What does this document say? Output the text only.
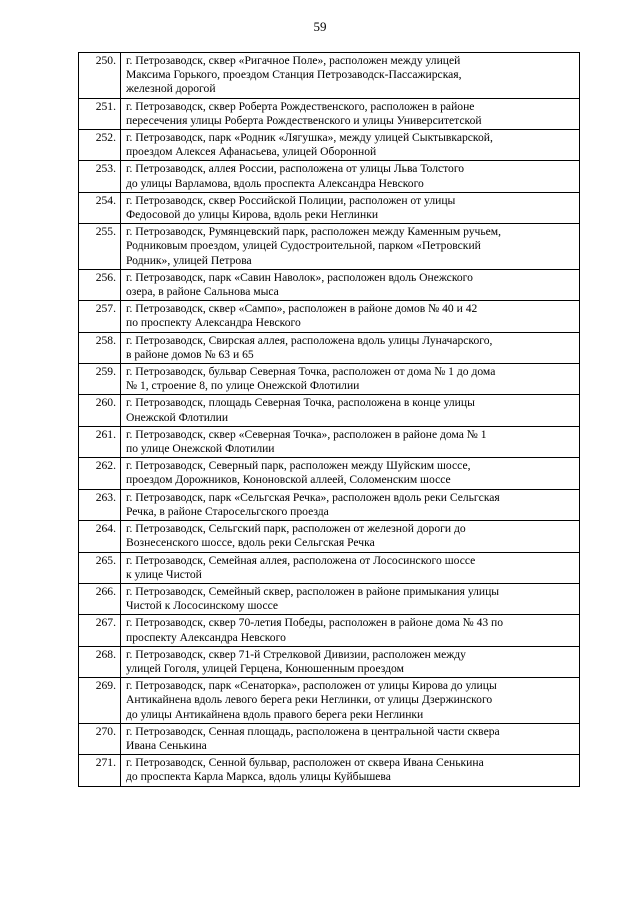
59
250.	г. Петрозаводск, сквер «Ригачное Поле», расположен между улицей
Максима Горького, проездом Станция Петрозаводск-Пассажирская,
железной дорогой

251.	г. Петрозаводск, сквер Роберта Рождественского, расположен в районе
пересечения улицы Роберта Рождественского и улицы Университетской

252.	г. Петрозаводск, парк «Родник «Лягушка», между улицей Сыктывкарской,
проездом Алексея Афанасьева, улицей Оборонной

253.	г. Петрозаводск, аллея России, расположена от улицы Льва Толстого
до улицы Варламова, вдоль проспекта Александра Невского

254.	г. Петрозаводск, сквер Российской Полиции, расположен от улицы
Федосовой до улицы Кирова, вдоль реки Неглинки

255.	г. Петрозаводск, Румянцевский парк, расположен между Каменным ручьем,
Родниковым проездом, улицей Судостроительной, парком «Петровский
Родник», улицей Петрова

256.	г. Петрозаводск, парк «Савин Наволок», расположен вдоль Онежского
озера, в районе Сальнова мыса

257.	г. Петрозаводск, сквер «Сампо», расположен в районе домов № 40 и 42
по проспекту Александра Невского

258.	г. Петрозаводск, Свирская аллея, расположена вдоль улицы Луначарского,
в районе домов № 63 и 65

259.	г. Петрозаводск, бульвар Северная Точка, расположен от дома № 1 до дома
№ 1, строение 8, по улице Онежской Флотилии

260.	г. Петрозаводск, площадь Северная Точка, расположена в конце улицы
Онежской Флотилии

261.	г. Петрозаводск, сквер «Северная Точка», расположен в районе дома № 1
по улице Онежской Флотилии

262.	г. Петрозаводск, Северный парк, расположен между Шуйским шоссе,
проездом Дорожников, Кононовской аллеей, Соломенским шоссе

263.	г. Петрозаводск, парк «Сельгская Речка», расположен вдоль реки Сельгская
Речка, в районе Старосельгского проезда

264.	г. Петрозаводск, Сельгский парк, расположен от железной дороги до
Вознесенского шоссе, вдоль реки Сельгская Речка

265.	г. Петрозаводск, Семейная аллея, расположена от Лососинского шоссе
к улице Чистой

266.	г. Петрозаводск, Семейный сквер, расположен в районе примыкания улицы
Чистой к Лососинскому шоссе

267.	г. Петрозаводск, сквер 70-летия Победы, расположен в районе дома № 43 по
проспекту Александра Невского

268.	г. Петрозаводск, сквер 71-й Стрелковой Дивизии, расположен между
улицей Гоголя, улицей Герцена, Конюшенным проездом

269.	г. Петрозаводск, парк «Сенаторка», расположен от улицы Кирова до улицы
Антикайнена вдоль левого берега реки Неглинки, от улицы Дзержинского
до улицы Антикайнена вдоль правого берега реки Неглинки

270.	г. Петрозаводск, Сенная площадь, расположена в центральной части сквера
Ивана Сенькина

271.	г. Петрозаводск, Сенной бульвар, расположен от сквера Ивана Сенькина
до проспекта Карла Маркса, вдоль улицы Куйбышева
